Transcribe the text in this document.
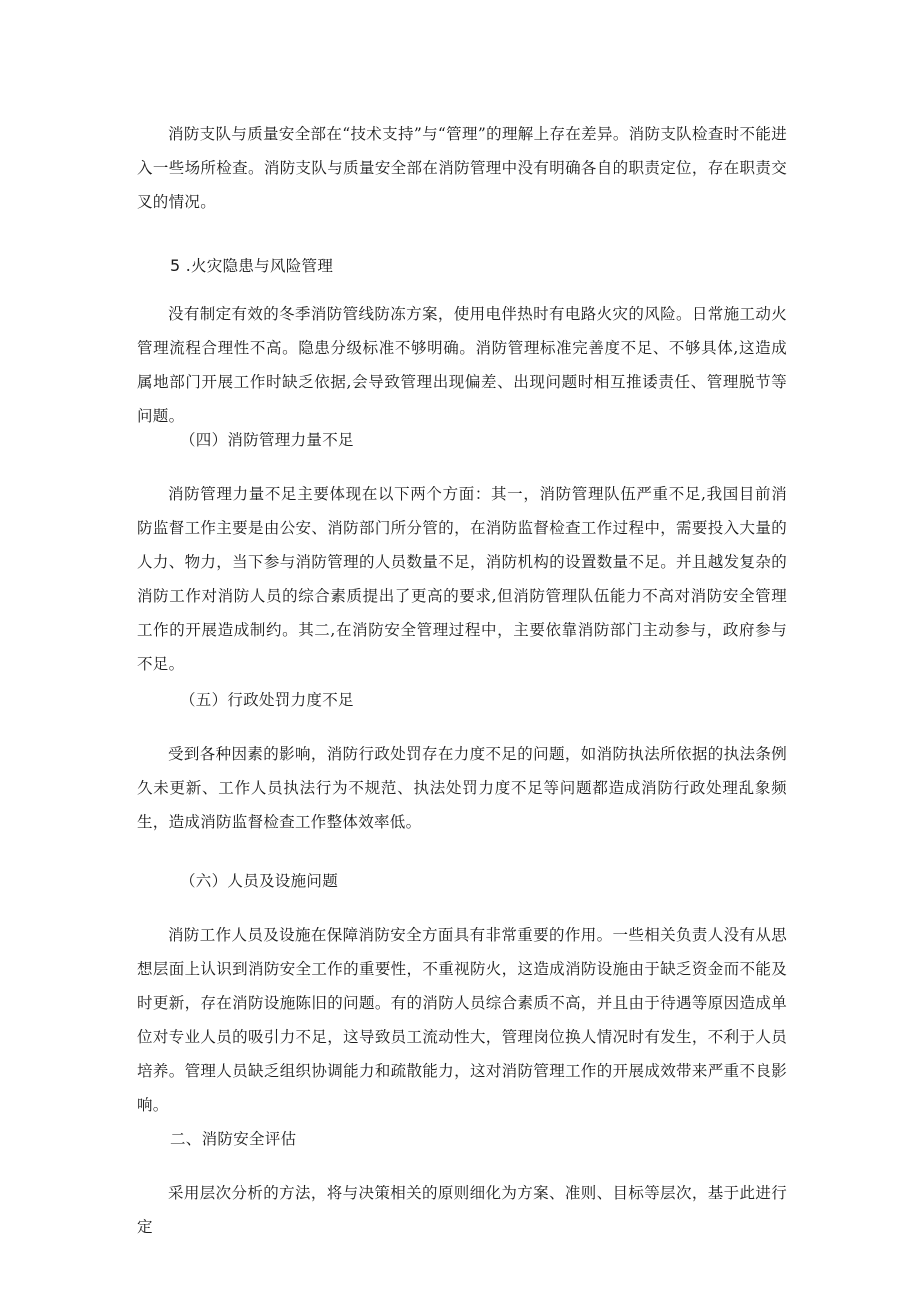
消防支队与质量安全部在“技术支持”与“管理”的理解上存在差异。消防支队检查时不能进入一些场所检查。消防支队与质量安全部在消防管理中没有明确各自的职责定位，存在职责交叉的情况。

5 .火灾隐患与风险管理

没有制定有效的冬季消防管线防冻方案，使用电伴热时有电路火灾的风险。日常施工动火管理流程合理性不高。隐患分级标准不够明确。消防管理标准完善度不足、不够具体,这造成属地部门开展工作时缺乏依据,会导致管理出现偏差、出现问题时相互推诿责任、管理脱节等问题。

（四）消防管理力量不足

消防管理力量不足主要体现在以下两个方面：其一，消防管理队伍严重不足,我国目前消防监督工作主要是由公安、消防部门所分管的，在消防监督检查工作过程中，需要投入大量的人力、物力，当下参与消防管理的人员数量不足，消防机构的设置数量不足。并且越发复杂的消防工作对消防人员的综合素质提出了更高的要求,但消防管理队伍能力不高对消防安全管理工作的开展造成制约。其二,在消防安全管理过程中，主要依靠消防部门主动参与，政府参与不足。

（五）行政处罚力度不足

受到各种因素的影响，消防行政处罚存在力度不足的问题，如消防执法所依据的执法条例久未更新、工作人员执法行为不规范、执法处罚力度不足等问题都造成消防行政处理乱象频生，造成消防监督检查工作整体效率低。

（六）人员及设施问题

消防工作人员及设施在保障消防安全方面具有非常重要的作用。一些相关负责人没有从思想层面上认识到消防安全工作的重要性，不重视防火，这造成消防设施由于缺乏资金而不能及时更新，存在消防设施陈旧的问题。有的消防人员综合素质不高，并且由于待遇等原因造成单位对专业人员的吸引力不足，这导致员工流动性大，管理岗位换人情况时有发生，不利于人员培养。管理人员缺乏组织协调能力和疏散能力，这对消防管理工作的开展成效带来严重不良影响。

二、消防安全评估

采用层次分析的方法，将与决策相关的原则细化为方案、准则、目标等层次，基于此进行定
